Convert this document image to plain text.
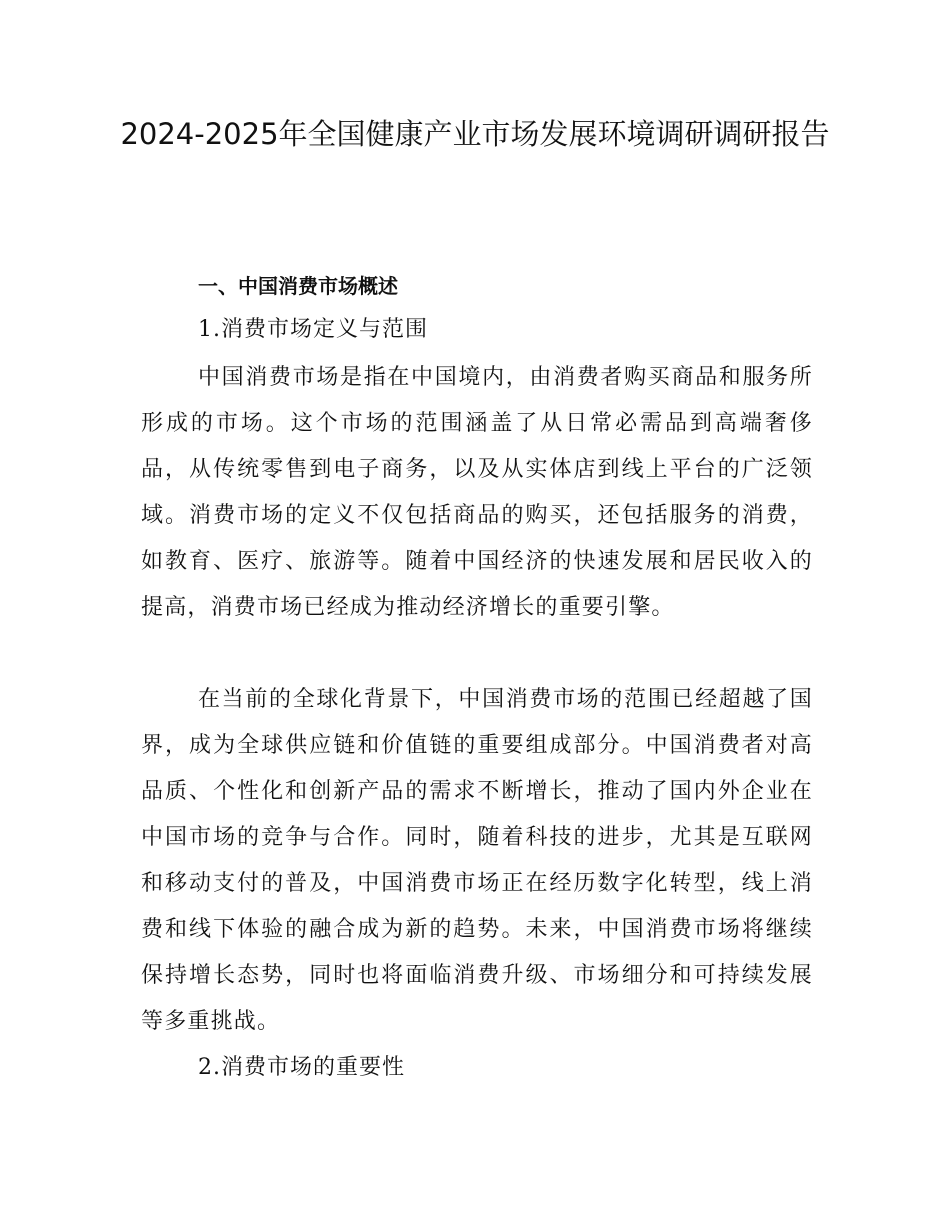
2024-2025年全国健康产业市场发展环境调研调研报告
一、中国消费市场概述
1.消费市场定义与范围
中国消费市场是指在中国境内，由消费者购买商品和服务所形成的市场。这个市场的范围涵盖了从日常必需品到高端奢侈品，从传统零售到电子商务，以及从实体店到线上平台的广泛领域。消费市场的定义不仅包括商品的购买，还包括服务的消费，如教育、医疗、旅游等。随着中国经济的快速发展和居民收入的提高，消费市场已经成为推动经济增长的重要引擎。
在当前的全球化背景下，中国消费市场的范围已经超越了国界，成为全球供应链和价值链的重要组成部分。中国消费者对高品质、个性化和创新产品的需求不断增长，推动了国内外企业在中国市场的竞争与合作。同时，随着科技的进步，尤其是互联网和移动支付的普及，中国消费市场正在经历数字化转型，线上消费和线下体验的融合成为新的趋势。未来，中国消费市场将继续保持增长态势，同时也将面临消费升级、市场细分和可持续发展等多重挑战。
2.消费市场的重要性
